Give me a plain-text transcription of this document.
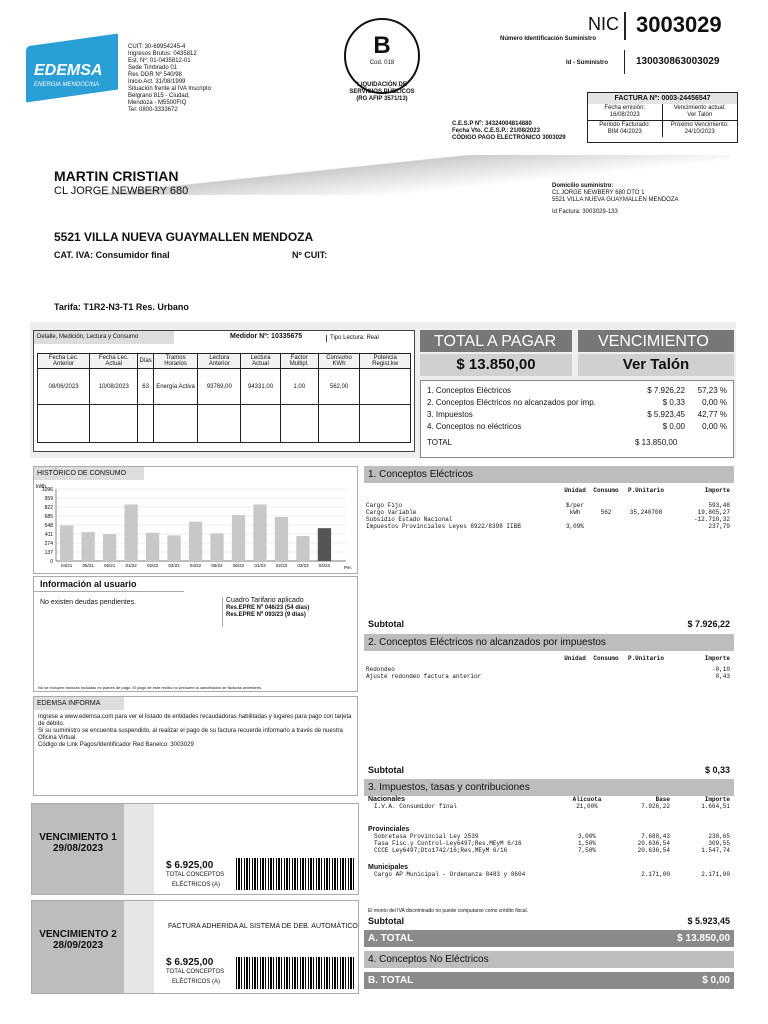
EDEMSA
ENERGIA MENDOCINA
CUIT: 30-69954245-4
Ingresos Brutos: 0435812
Est. Nº: 01-0435812-01
Sede Timbrado 01
Res DGR Nº 540/98
Inicio Act. 31/08/1999
Situación frente al IVA Inscripto
Belgrano 815 - Ciudad,
Mendoza - M5500FIQ
Tel: 0800-3333672
B
Cod. 018
LIQUIDACIÓN DE
SERVICIOS PÚBLICOS
(RG AFIP 3571/13)
NIC 3003029
Número Identificación Suministro
Id - Suministro	130030863003029
FACTURA Nº: 0003-24456547
Fecha emisión:
16/08/2023
Vencimiento actual:
Ver Talón
Periodo Facturado:
BIM 04/2023
Próximo Vencimiento:
24/10/2023
C.E.S.P Nº: 34324004814880
Fecha Vto. C.E.S.P.: 21/08/2023
CÓDIGO PAGO ELECTRÓNICO 3003029
MARTIN CRISTIAN
CL JORGE NEWBERY 680
5521 VILLA NUEVA GUAYMALLEN MENDOZA
CAT. IVA: Consumidor final	Nº CUIT:
Tarifa: T1R2-N3-T1 Res. Urbano
Domicilio suministro:
CL JORGE NEWBERY 680 DTO 1
5521 VILLA NUEVA GUAYMALLEN MENDOZA
Id Factura: 3003029-133
Detalle, Medición, Lectura y Consumo	Medidor Nº: 10335675	Tipo Lectura: Real
Fecha Lec. Anterior	Fecha Lec. Actual	Días	Tramos Horarios	Lectura Anterior	Lectura Actual	Factor Multipl.	Consumo KWh	Potencia Regist.kw
08/06/2023	10/08/2023	63	Energía Activa	93769,00	94331,00	1,00	562,00	

TOTAL A PAGAR	VENCIMIENTO
$ 13.850,00	Ver Talón
1. Conceptos Eléctricos	$ 7.926,22	57,23 %
2. Conceptos Eléctricos no alcanzados por imp.	$ 0,33	0,00 %
3. Impuestos	$ 5.923,45	42,77 %
4. Conceptos no eléctricos	$ 0,00	0,00 %
TOTAL	$ 13.850,00
HISTÓRICO DE CONSUMO
kWh
1096
959
822
685
548
411
274
137
0
04/21 05/21 06/21 01/22 02/22 03/22 04/22 05/22 06/22 01/23 02/23 03/23 04/23	Per.
Información al usuario
No existen deudas pendientes.	Cuadro Tarifario aplicado
Res.EPRE Nº 046/23 (54 días)
Res.EPRE Nº 093/23 (9 días)
No se incluyen facturas incluidas en planes de pago. El pago de este recibo no presume la cancelación de facturas anteriores.
EDEMSA INFORMA
Ingrese a www.edemsa.com para ver el listado de entidades recaudadoras habilitadas y lugares para pago con tarjeta de débito.
Si su suministro se encuentra suspendido, al realizar el pago de su factura recuerde informarlo a través de nuestra Oficina Virtual.
Código de Link Pagos/Identificador Red Banelco: 3003029
VENCIMIENTO 1
29/08/2023
$ 6.925,00
TOTAL CONCEPTOS
ELÉCTRICOS (A)
VENCIMIENTO 2
28/09/2023
FACTURA ADHERIDA AL SISTEMA DE DEB. AUTOMÁTICO
$ 6.925,00
TOTAL CONCEPTOS
ELÉCTRICOS (A)
1. Conceptos Eléctricos
Unidad	Consumo	P.Unitario	Importe
Cargo Fijo	$/per	593,48
Cargo Variable	kWh	562	35,240708	19.805,27
Subsidio Estado Nacional	-12.710,32
Impuestos Provinciales Leyes 6922/8398 IIBB	3,09%	237,79
Subtotal	$ 7.926,22
2. Conceptos Eléctricos no alcanzados por impuestos
Unidad	Consumo	P.Unitario	Importe
Redondeo	-0,10
Ajuste redondeo factura anterior	0,43
Subtotal	$ 0,33
3. Impuestos, tasas y contribuciones
Nacionales	Alícuota	Base	Importe
I.V.A. Consumidor final	21,00%	7.926,22	1.664,51
Provinciales
Sobretasa Provincial Ley 2539	3,00%	7.688,43	230,65
Tasa Fisc.y Control-Ley6497;Res.MEyM 6/16	1,50%	20.636,54	309,55
CCCE Ley6497;Dto1742/16;Res.MEyM 6/16	7,50%	20.636,54	1.547,74
Municipales
Cargo AP Municipal - Ordenanza 8483 y 8604	2.171,00	2.171,00
El monto del IVA discriminado no puede computarse como crédito fiscal.
Subtotal	$ 5.923,45
A. TOTAL	$ 13.850,00
4. Conceptos No Eléctricos
B. TOTAL	$ 0,00
